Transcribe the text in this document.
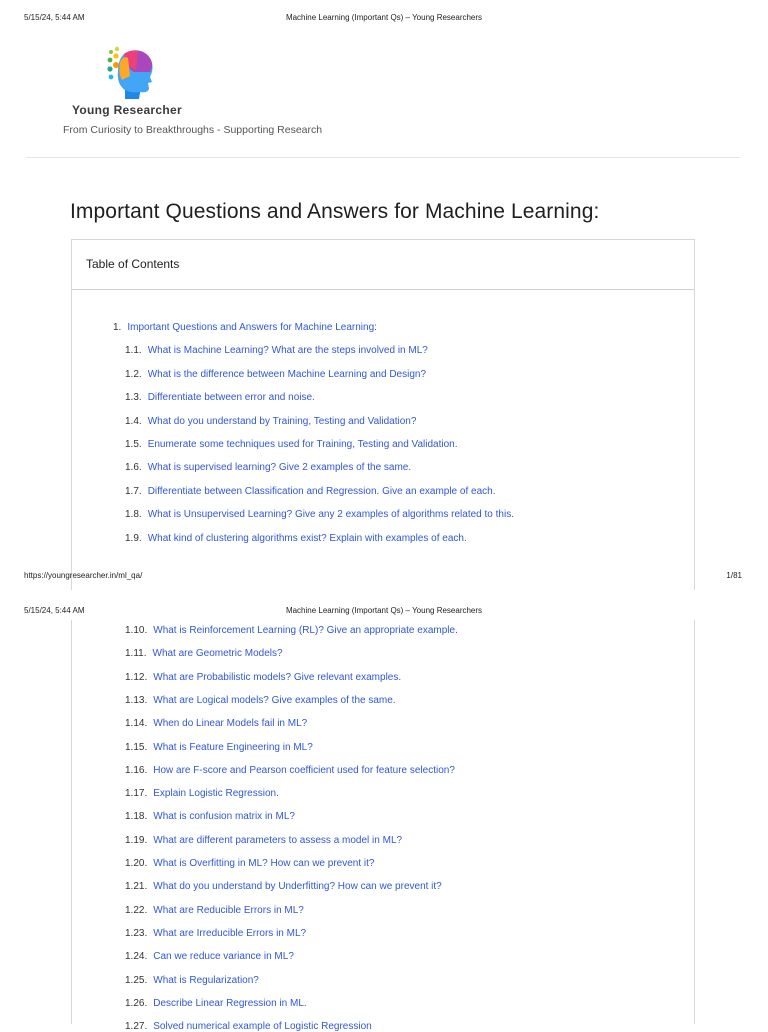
5/15/24, 5:44 AM	Machine Learning (Important Qs) – Young Researchers
Young Researcher
From Curiosity to Breakthroughs - Supporting Research
Important Questions and Answers for Machine Learning:
Table of Contents
1. Important Questions and Answers for Machine Learning:
1.1. What is Machine Learning? What are the steps involved in ML?
1.2. What is the difference between Machine Learning and Design?
1.3. Differentiate between error and noise.
1.4. What do you understand by Training, Testing and Validation?
1.5. Enumerate some techniques used for Training, Testing and Validation.
1.6. What is supervised learning? Give 2 examples of the same.
1.7. Differentiate between Classification and Regression. Give an example of each.
1.8. What is Unsupervised Learning? Give any 2 examples of algorithms related to this.
1.9. What kind of clustering algorithms exist? Explain with examples of each.
https://youngresearcher.in/ml_qa/	1/81
5/15/24, 5:44 AM	Machine Learning (Important Qs) – Young Researchers
1.10. What is Reinforcement Learning (RL)? Give an appropriate example.
1.11. What are Geometric Models?
1.12. What are Probabilistic models? Give relevant examples.
1.13. What are Logical models? Give examples of the same.
1.14. When do Linear Models fail in ML?
1.15. What is Feature Engineering in ML?
1.16. How are F-score and Pearson coefficient used for feature selection?
1.17. Explain Logistic Regression.
1.18. What is confusion matrix in ML?
1.19. What are different parameters to assess a model in ML?
1.20. What is Overfitting in ML? How can we prevent it?
1.21. What do you understand by Underfitting? How can we prevent it?
1.22. What are Reducible Errors in ML?
1.23. What are Irreducible Errors in ML?
1.24. Can we reduce variance in ML?
1.25. What is Regularization?
1.26. Describe Linear Regression in ML.
1.27. Solved numerical example of Logistic Regression
